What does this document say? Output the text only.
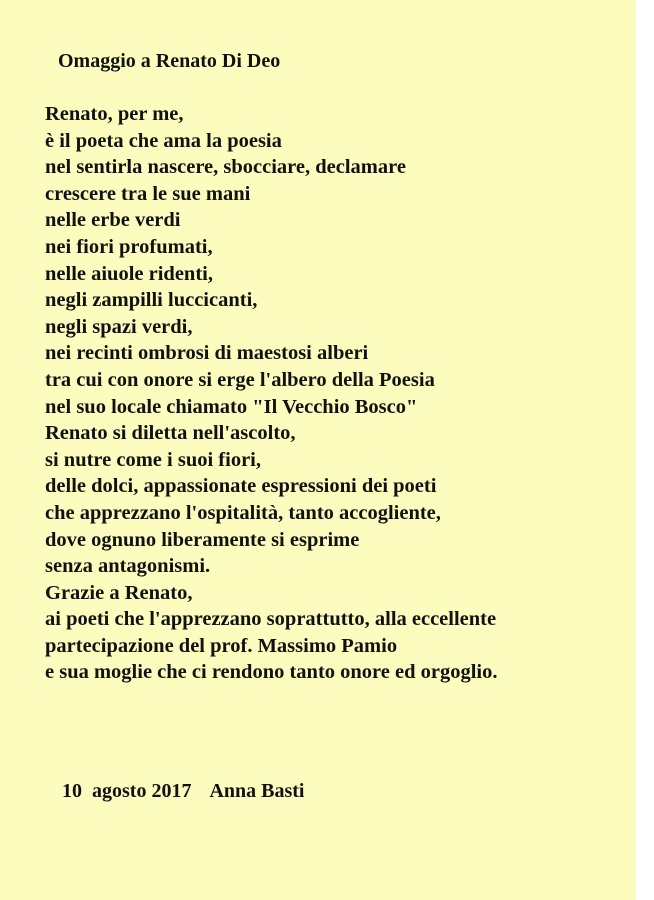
Omaggio a Renato Di Deo
Renato, per me,
è il poeta che ama la poesia
nel sentirla nascere, sbocciare, declamare
crescere tra le sue mani
nelle erbe verdi
nei fiori profumati,
nelle aiuole ridenti,
negli zampilli luccicanti,
negli spazi verdi,
nei recinti ombrosi di maestosi alberi
tra cui con onore si erge l'albero della Poesia
nel suo locale chiamato "Il Vecchio Bosco"
Renato si diletta nell'ascolto,
si nutre come i suoi fiori,
delle dolci, appassionate espressioni dei poeti
che apprezzano l'ospitalità, tanto accogliente,
dove ognuno liberamente si esprime
senza antagonismi.
Grazie a Renato,
ai poeti che l'apprezzano soprattutto, alla eccellente
partecipazione del prof. Massimo Pamio
e sua moglie che ci rendono tanto onore ed orgoglio.
10  agosto 2017 Anna Basti
